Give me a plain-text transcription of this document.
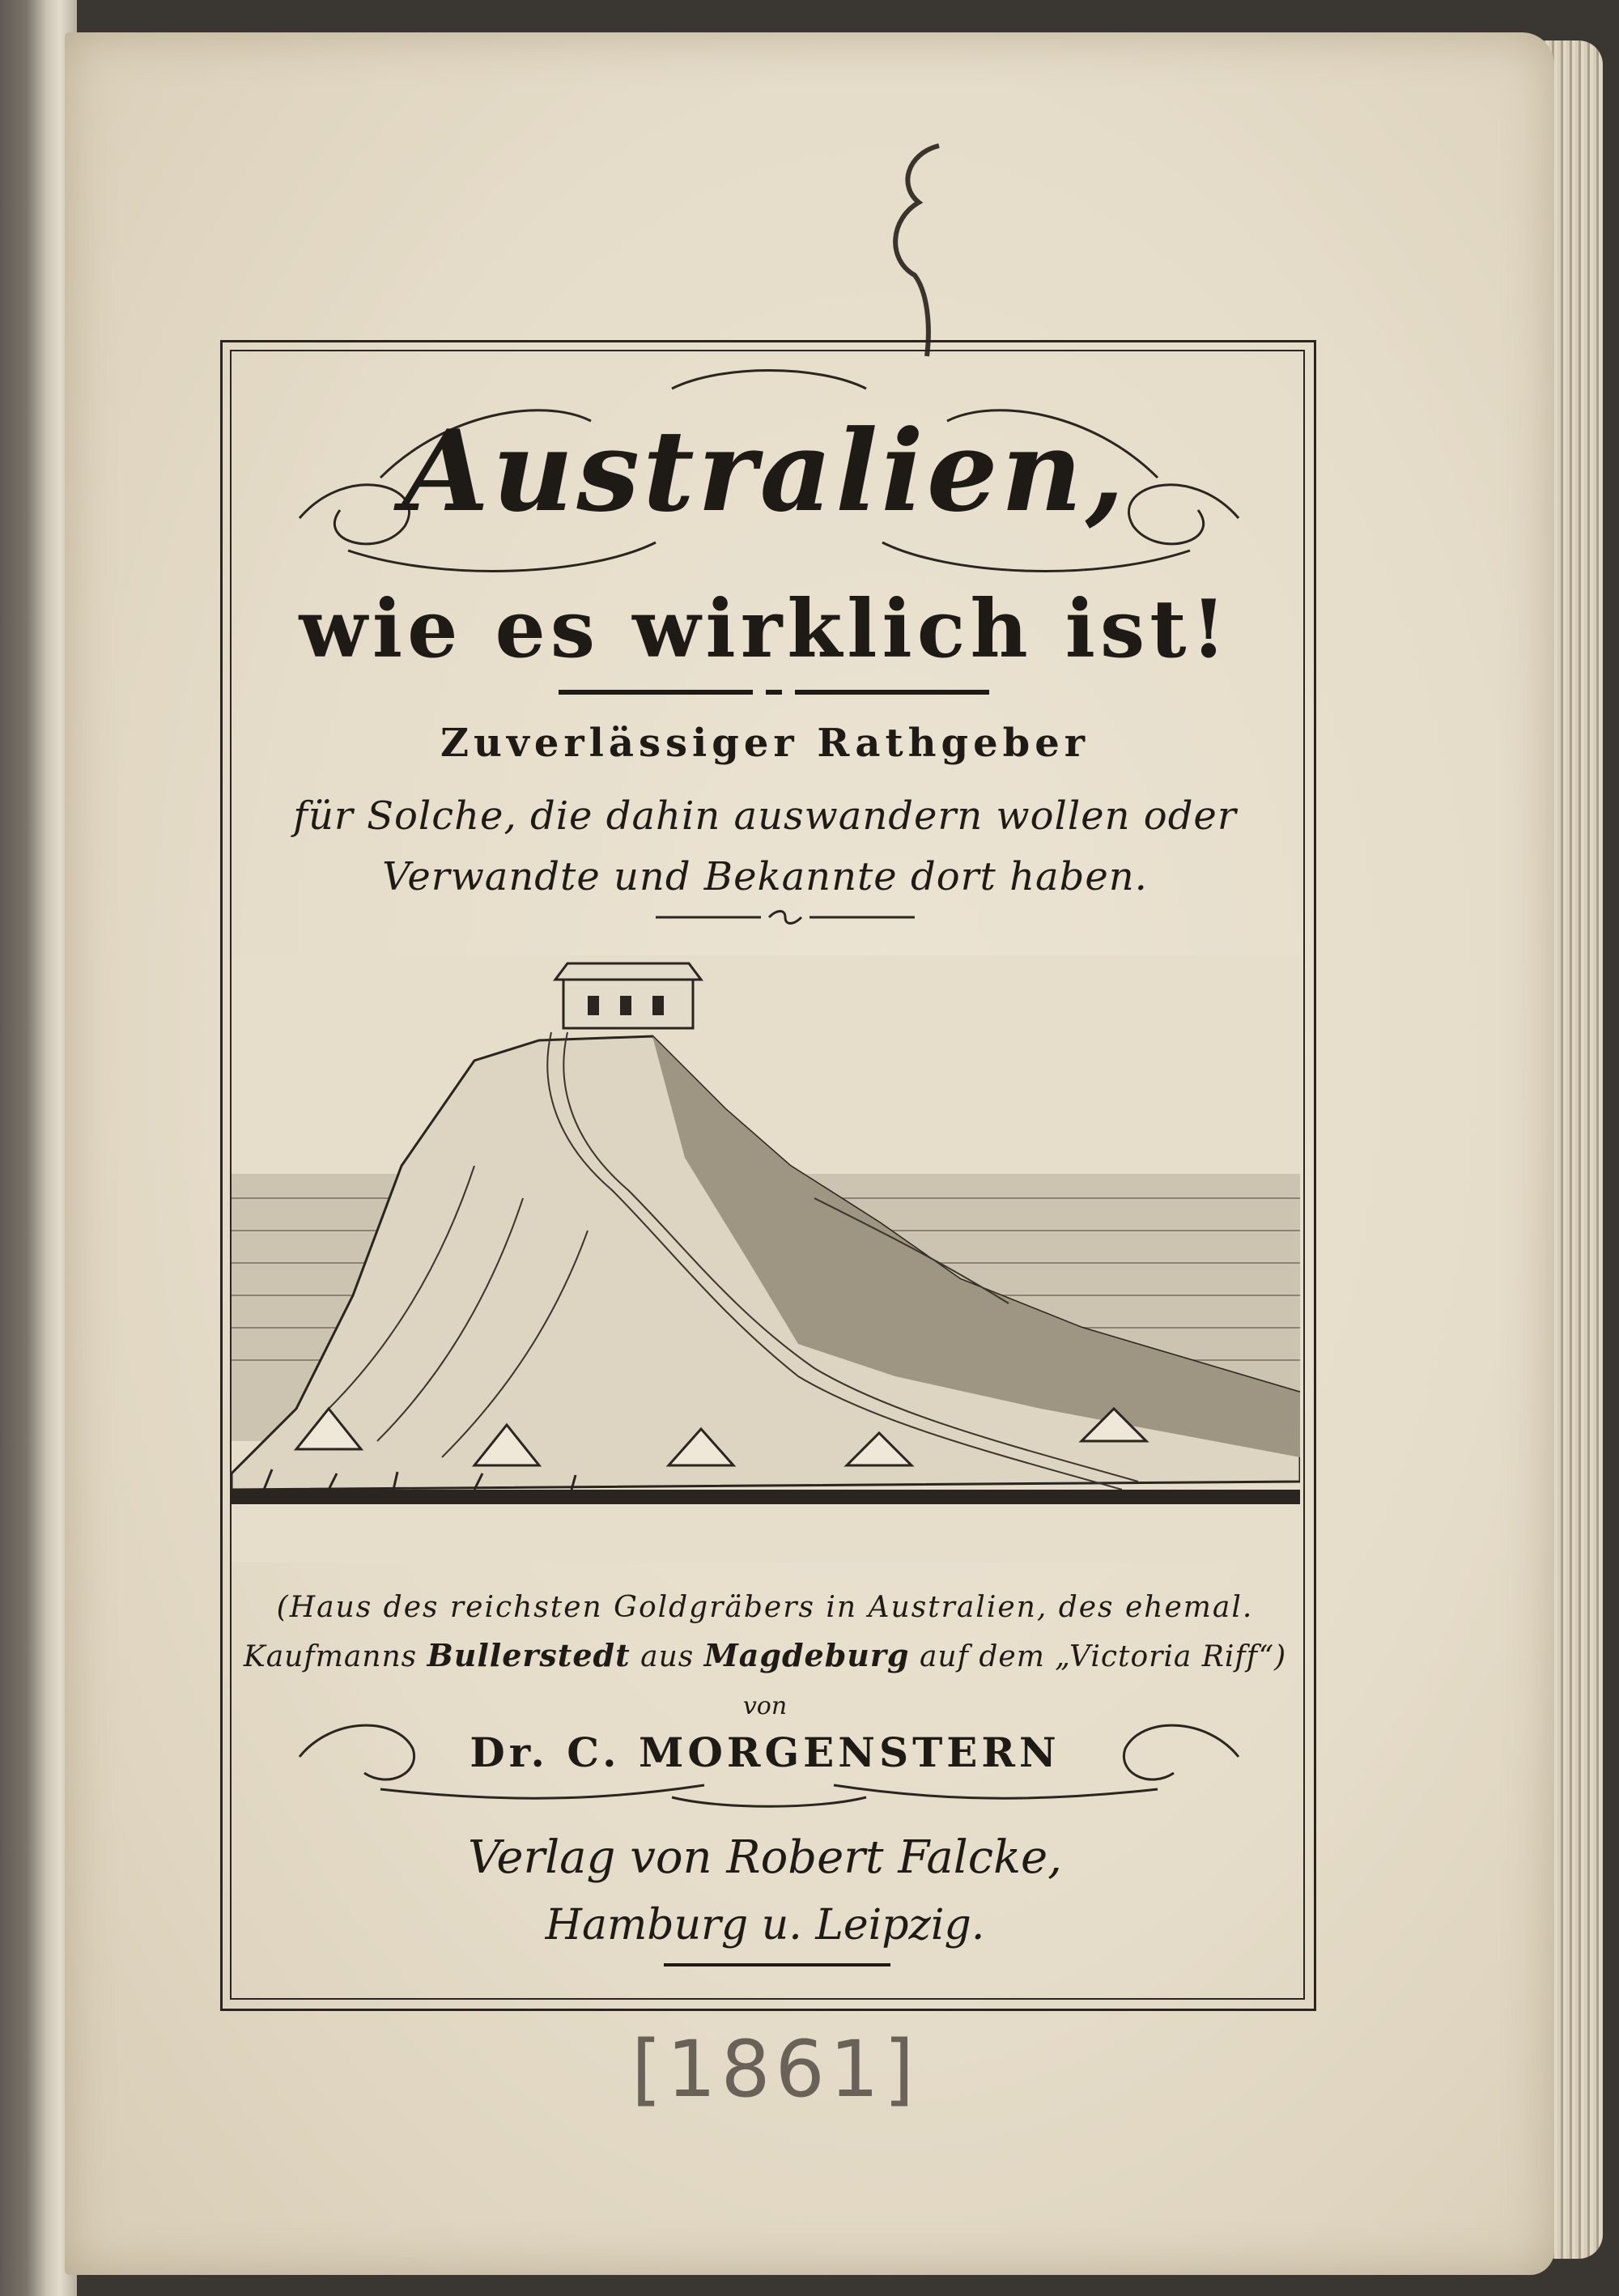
Australien,
wie es wirklich ist!
Zuverlässiger Rathgeber
für Solche, die dahin auswandern wollen oder
Verwandte und Bekannte dort haben.
(Haus des reichsten Goldgräbers in Australien, des ehemal.
Kaufmanns Bullerstedt aus Magdeburg auf dem „Victoria Riff“)
von
Dr. C. MORGENSTERN
Verlag von Robert Falcke,
Hamburg u. Leipzig.
[1861]
